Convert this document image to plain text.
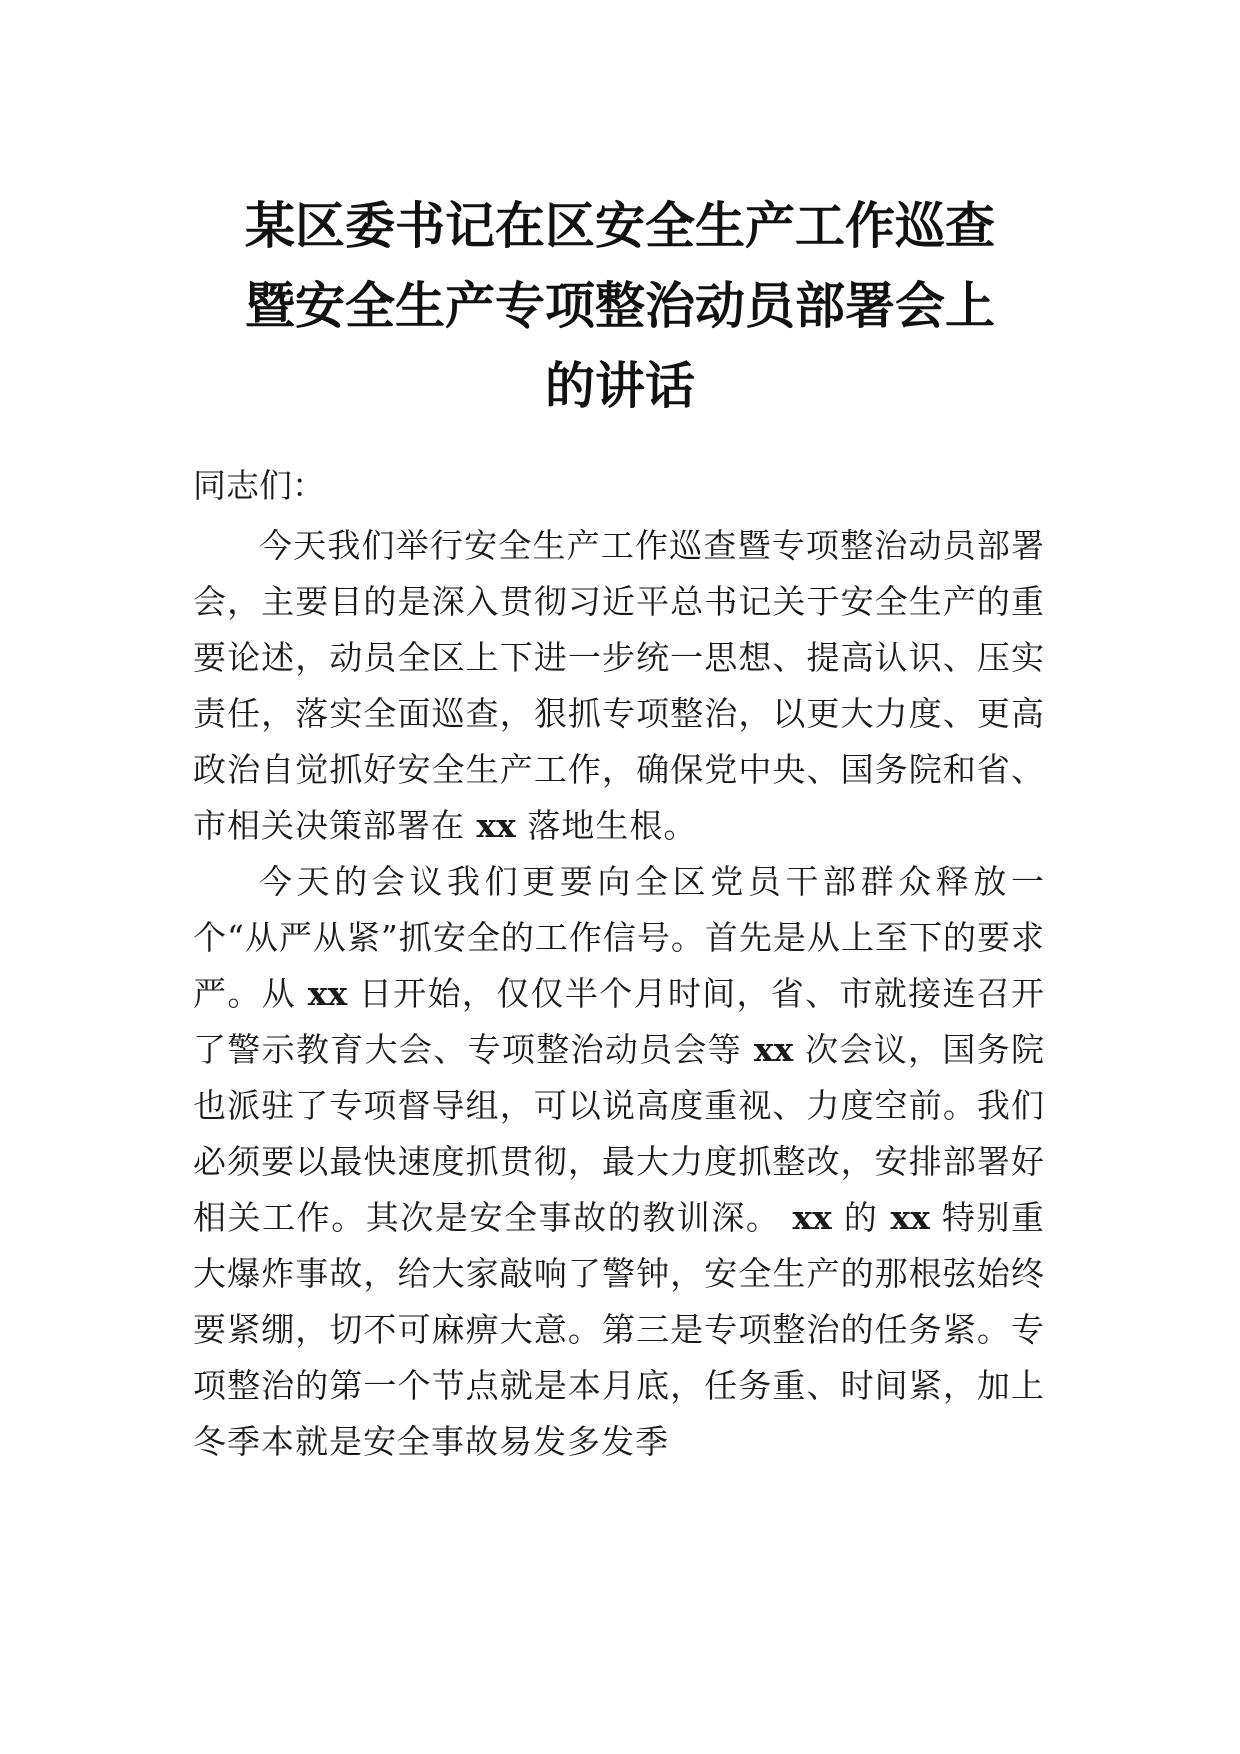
某区委书记在区安全生产工作巡查
暨安全生产专项整治动员部署会上
的讲话
同志们：

今天我们举行安全生产工作巡查暨专项整治动员部署会，主要目的是深入贯彻习近平总书记关于安全生产的重要论述，动员全区上下进一步统一思想、提高认识、压实责任，落实全面巡查，狠抓专项整治，以更大力度、更高政治自觉抓好安全生产工作，确保党中央、国务院和省、市相关决策部署在 xx 落地生根。

今天的会议我们更要向全区党员干部群众释放一个“从严从紧”抓安全的工作信号。首先是从上至下的要求严。从 xx 日开始，仅仅半个月时间，省、市就接连召开了警示教育大会、专项整治动员会等 xx 次会议，国务院也派驻了专项督导组，可以说高度重视、力度空前。我们必须要以最快速度抓贯彻，最大力度抓整改，安排部署好相关工作。其次是安全事故的教训深。 xx 的 xx 特别重大爆炸事故，给大家敲响了警钟，安全生产的那根弦始终要紧绷，切不可麻痹大意。第三是专项整治的任务紧。专项整治的第一个节点就是本月底，任务重、时间紧，加上冬季本就是安全事故易发多发季
